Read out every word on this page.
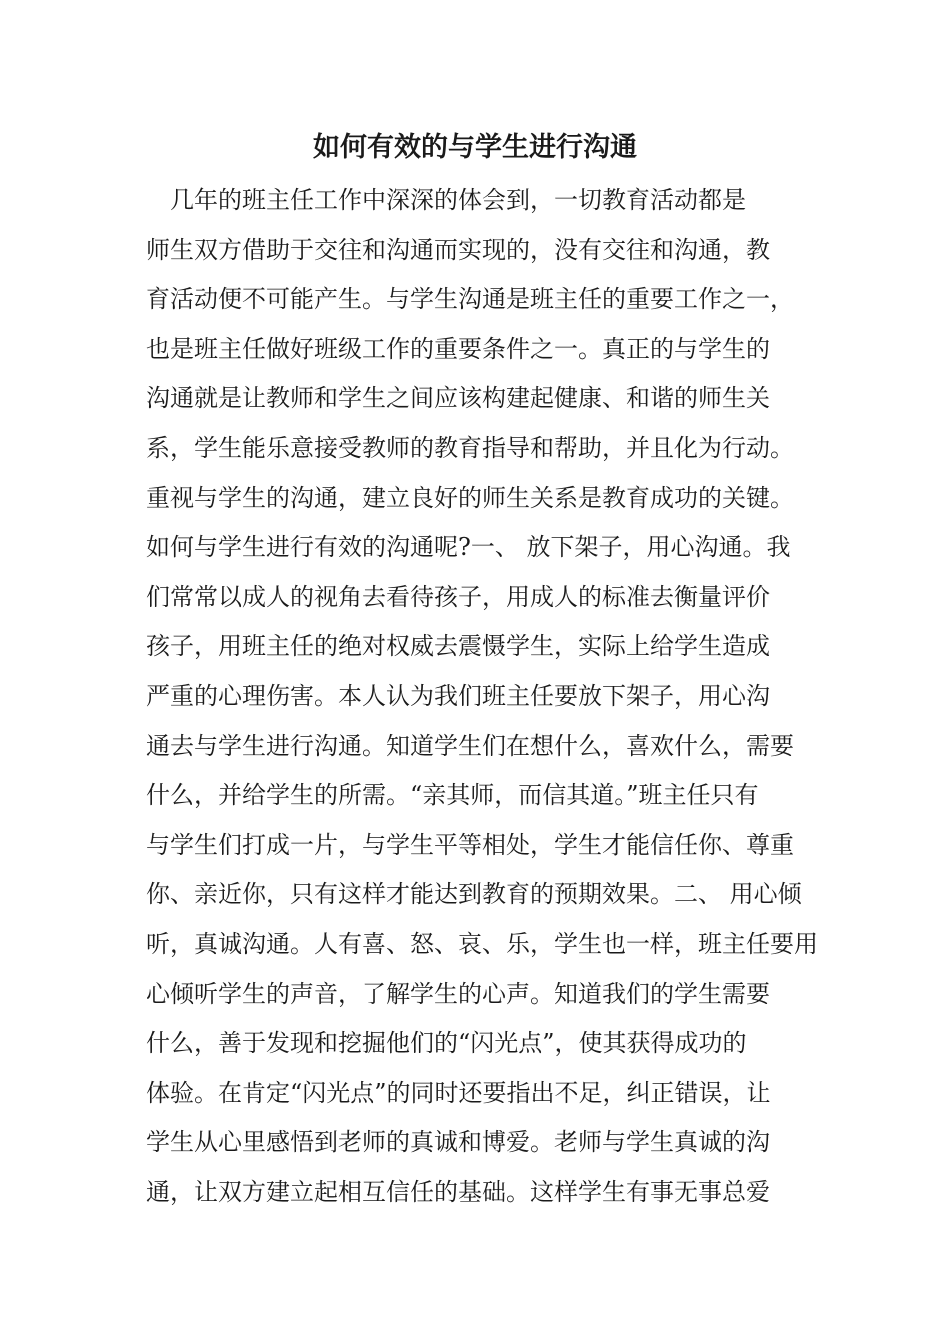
如何有效的与学生进行沟通
　几年的班主任工作中深深的体会到，一切教育活动都是
师生双方借助于交往和沟通而实现的，没有交往和沟通，教
育活动便不可能产生。与学生沟通是班主任的重要工作之一，
也是班主任做好班级工作的重要条件之一。真正的与学生的
沟通就是让教师和学生之间应该构建起健康、和谐的师生关
系，学生能乐意接受教师的教育指导和帮助，并且化为行动。
重视与学生的沟通，建立良好的师生关系是教育成功的关键。
如何与学生进行有效的沟通呢?一、 放下架子，用心沟通。我
们常常以成人的视角去看待孩子，用成人的标准去衡量评价
孩子，用班主任的绝对权威去震慑学生，实际上给学生造成
严重的心理伤害。本人认为我们班主任要放下架子，用心沟
通去与学生进行沟通。知道学生们在想什么，喜欢什么，需要
什么，并给学生的所需。“亲其师，而信其道。”班主任只有
与学生们打成一片，与学生平等相处，学生才能信任你、尊重
你、亲近你，只有这样才能达到教育的预期效果。二、 用心倾
听，真诚沟通。人有喜、怒、哀、乐，学生也一样，班主任要用
心倾听学生的声音，了解学生的心声。知道我们的学生需要
什么，善于发现和挖掘他们的“闪光点”，使其获得成功的
体验。在肯定“闪光点”的同时还要指出不足，纠正错误，让
学生从心里感悟到老师的真诚和博爱。老师与学生真诚的沟
通，让双方建立起相互信任的基础。这样学生有事无事总爱
